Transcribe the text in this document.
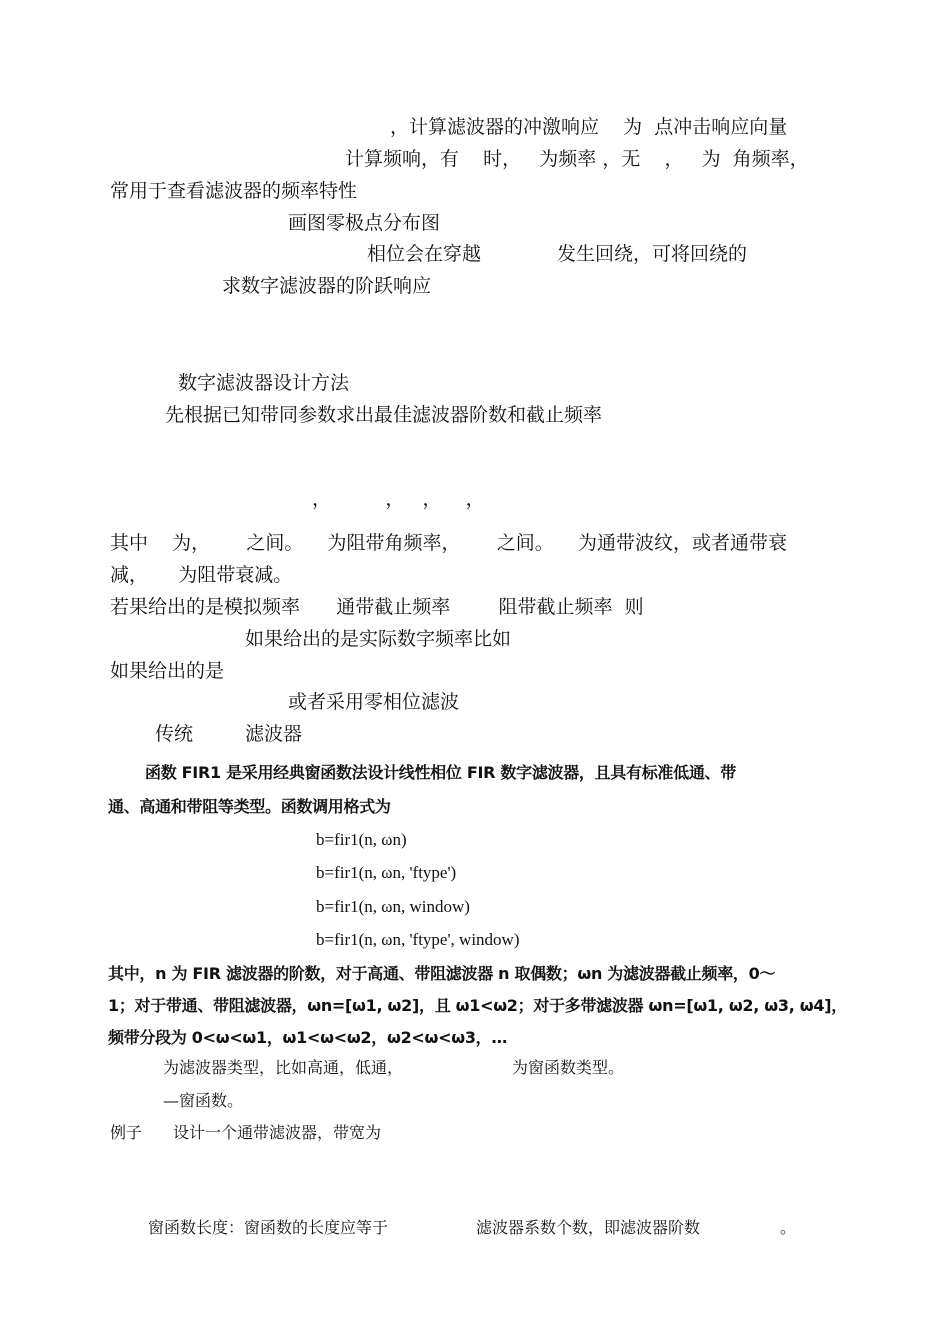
，计算滤波器的冲激响应    为  点冲击响应向量
计算频响，有    时，   为频率 ，无    ，   为  角频率，
常用于查看滤波器的频率特性
画图零极点分布图
相位会在穿越	发生回绕，可将回绕的
求数字滤波器的阶跃响应
数字滤波器设计方法
先根据已知带同参数求出最佳滤波器阶数和截止频率
，         ，   ，    ，
其中    为，      之间。    为阻带角频率，      之间。    为通带波纹，或者通带衰
减，     为阻带衰减。
若果给出的是模拟频率      通带截止频率        阻带截止频率  则
如果给出的是实际数字频率比如
如果给出的是
或者采用零相位滤波
传统	滤波器
函数 FIR1 是采用经典窗函数法设计线性相位 FIR 数字滤波器，且具有标准低通、带
通、高通和带阻等类型。函数调用格式为
b=fir1(n, ωn)
b=fir1(n, ωn, 'ftype')
b=fir1(n, ωn, window)
b=fir1(n, ωn, 'ftype', window)
其中，n 为 FIR 滤波器的阶数，对于高通、带阻滤波器 n 取偶数；ωn 为滤波器截止频率，0～
1；对于带通、带阻滤波器，ωn=[ω1, ω2]，且 ω1<ω2；对于多带滤波器 ωn=[ω1, ω2, ω3, ω4]，
频带分段为 0<ω<ω1，ω1<ω<ω2，ω2<ω<ω3，…
为滤波器类型，比如高通，低通，	为窗函数类型。
—窗函数。
例子 设计一个通带滤波器，带宽为
窗函数长度：窗函数的长度应等于	滤波器系数个数，即滤波器阶数	。
